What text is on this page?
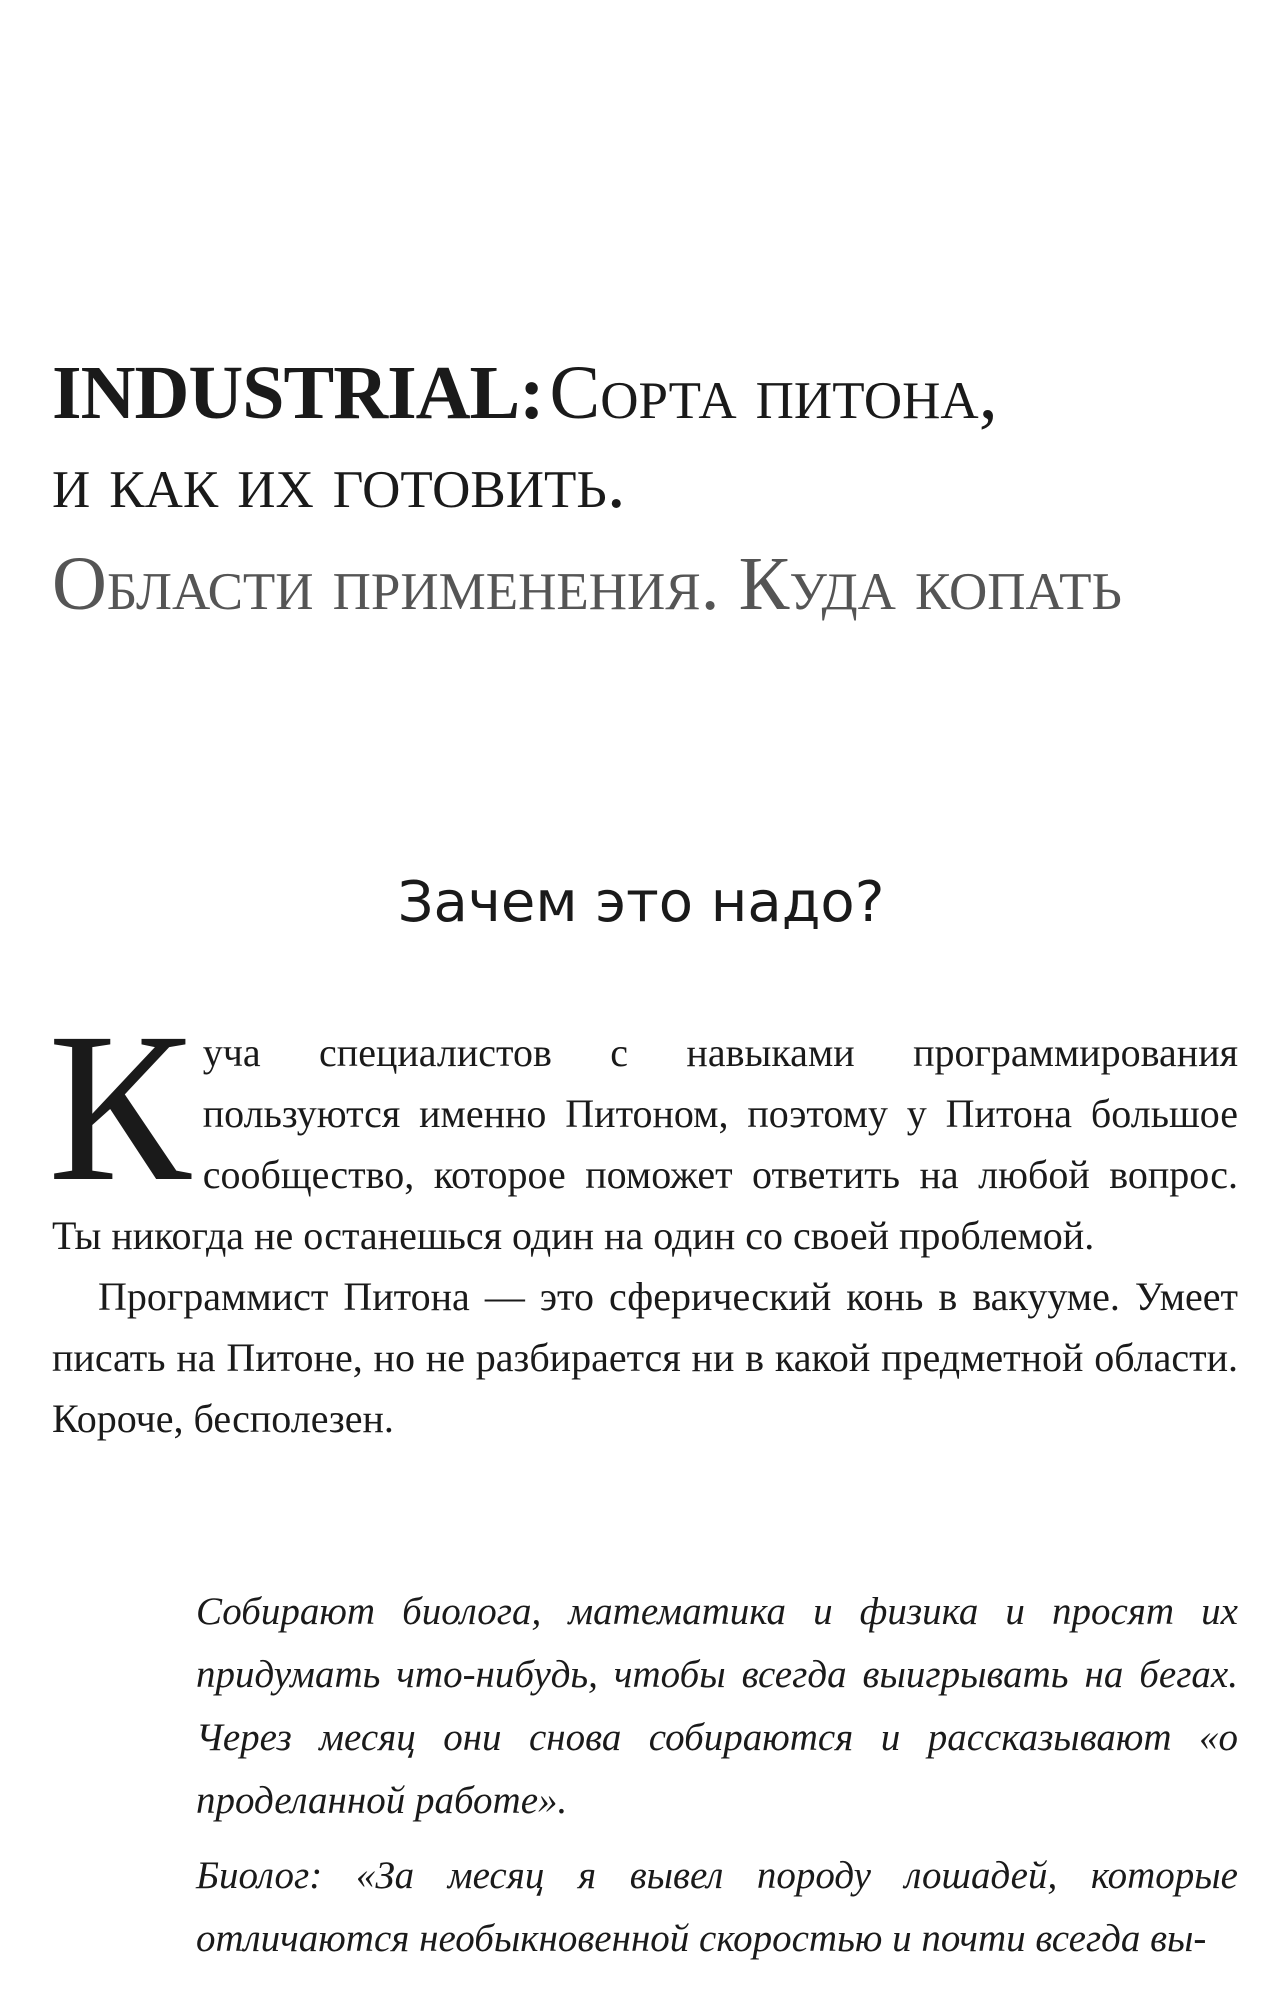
INDUSTRIAL:Сорта питона,
и как их готовить.
Области применения. Куда копать
Зачем это надо?

Куча специалистов с навыками программирования пользуются именно Питоном, поэтому у Питона большое сообщество, которое поможет ответить на любой вопрос. Ты никогда не останешься один на один со своей проблемой.

Программист Питона — это сферический конь в вакууме. Умеет писать на Питоне, но не разбирается ни в какой предметной области. Короче, бесполезен.

Собирают биолога, математика и физика и просят их придумать что-нибудь, чтобы всегда выигрывать на бегах. Через месяц они снова собираются и рассказывают «о проделанной работе».

Биолог: «За месяц я вывел породу лошадей, которые отличаются необыкновенной скоростью и почти всегда вы-
